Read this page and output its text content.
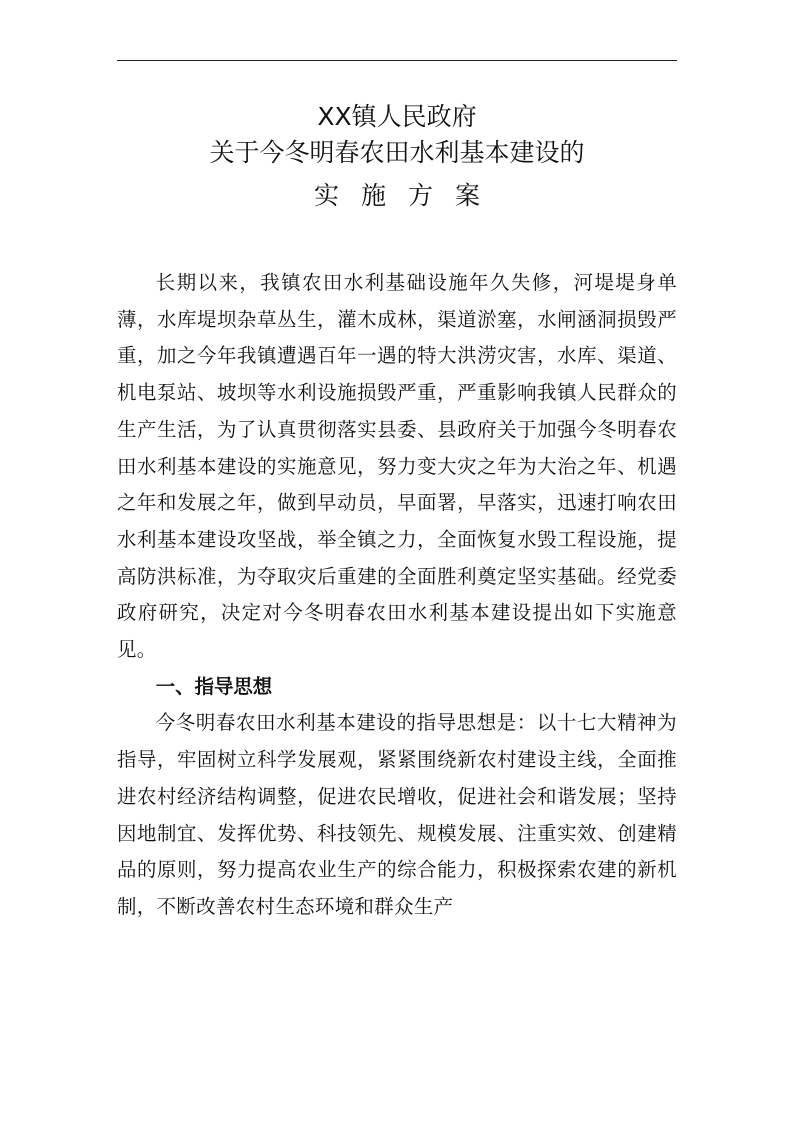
XX镇人民政府

关于今冬明春农田水利基本建设的

实施方案

长期以来，我镇农田水利基础设施年久失修，河堤堤身单薄，水库堤坝杂草丛生，灌木成林，渠道淤塞，水闸涵洞损毁严重，加之今年我镇遭遇百年一遇的特大洪涝灾害，水库、渠道、机电泵站、坡坝等水利设施损毁严重，严重影响我镇人民群众的生产生活，为了认真贯彻落实县委、县政府关于加强今冬明春农田水利基本建设的实施意见，努力变大灾之年为大治之年、机遇之年和发展之年，做到早动员，早面署，早落实，迅速打响农田水利基本建设攻坚战，举全镇之力，全面恢复水毁工程设施，提高防洪标准，为夺取灾后重建的全面胜利奠定坚实基础。经党委政府研究，决定对今冬明春农田水利基本建设提出如下实施意见。

一、指导思想

今冬明春农田水利基本建设的指导思想是：以十七大精神为指导，牢固树立科学发展观，紧紧围绕新农村建设主线，全面推进农村经济结构调整，促进农民增收，促进社会和谐发展；坚持因地制宜、发挥优势、科技领先、规模发展、注重实效、创建精品的原则，努力提高农业生产的综合能力，积极探索农建的新机制，不断改善农村生态环境和群众生产
